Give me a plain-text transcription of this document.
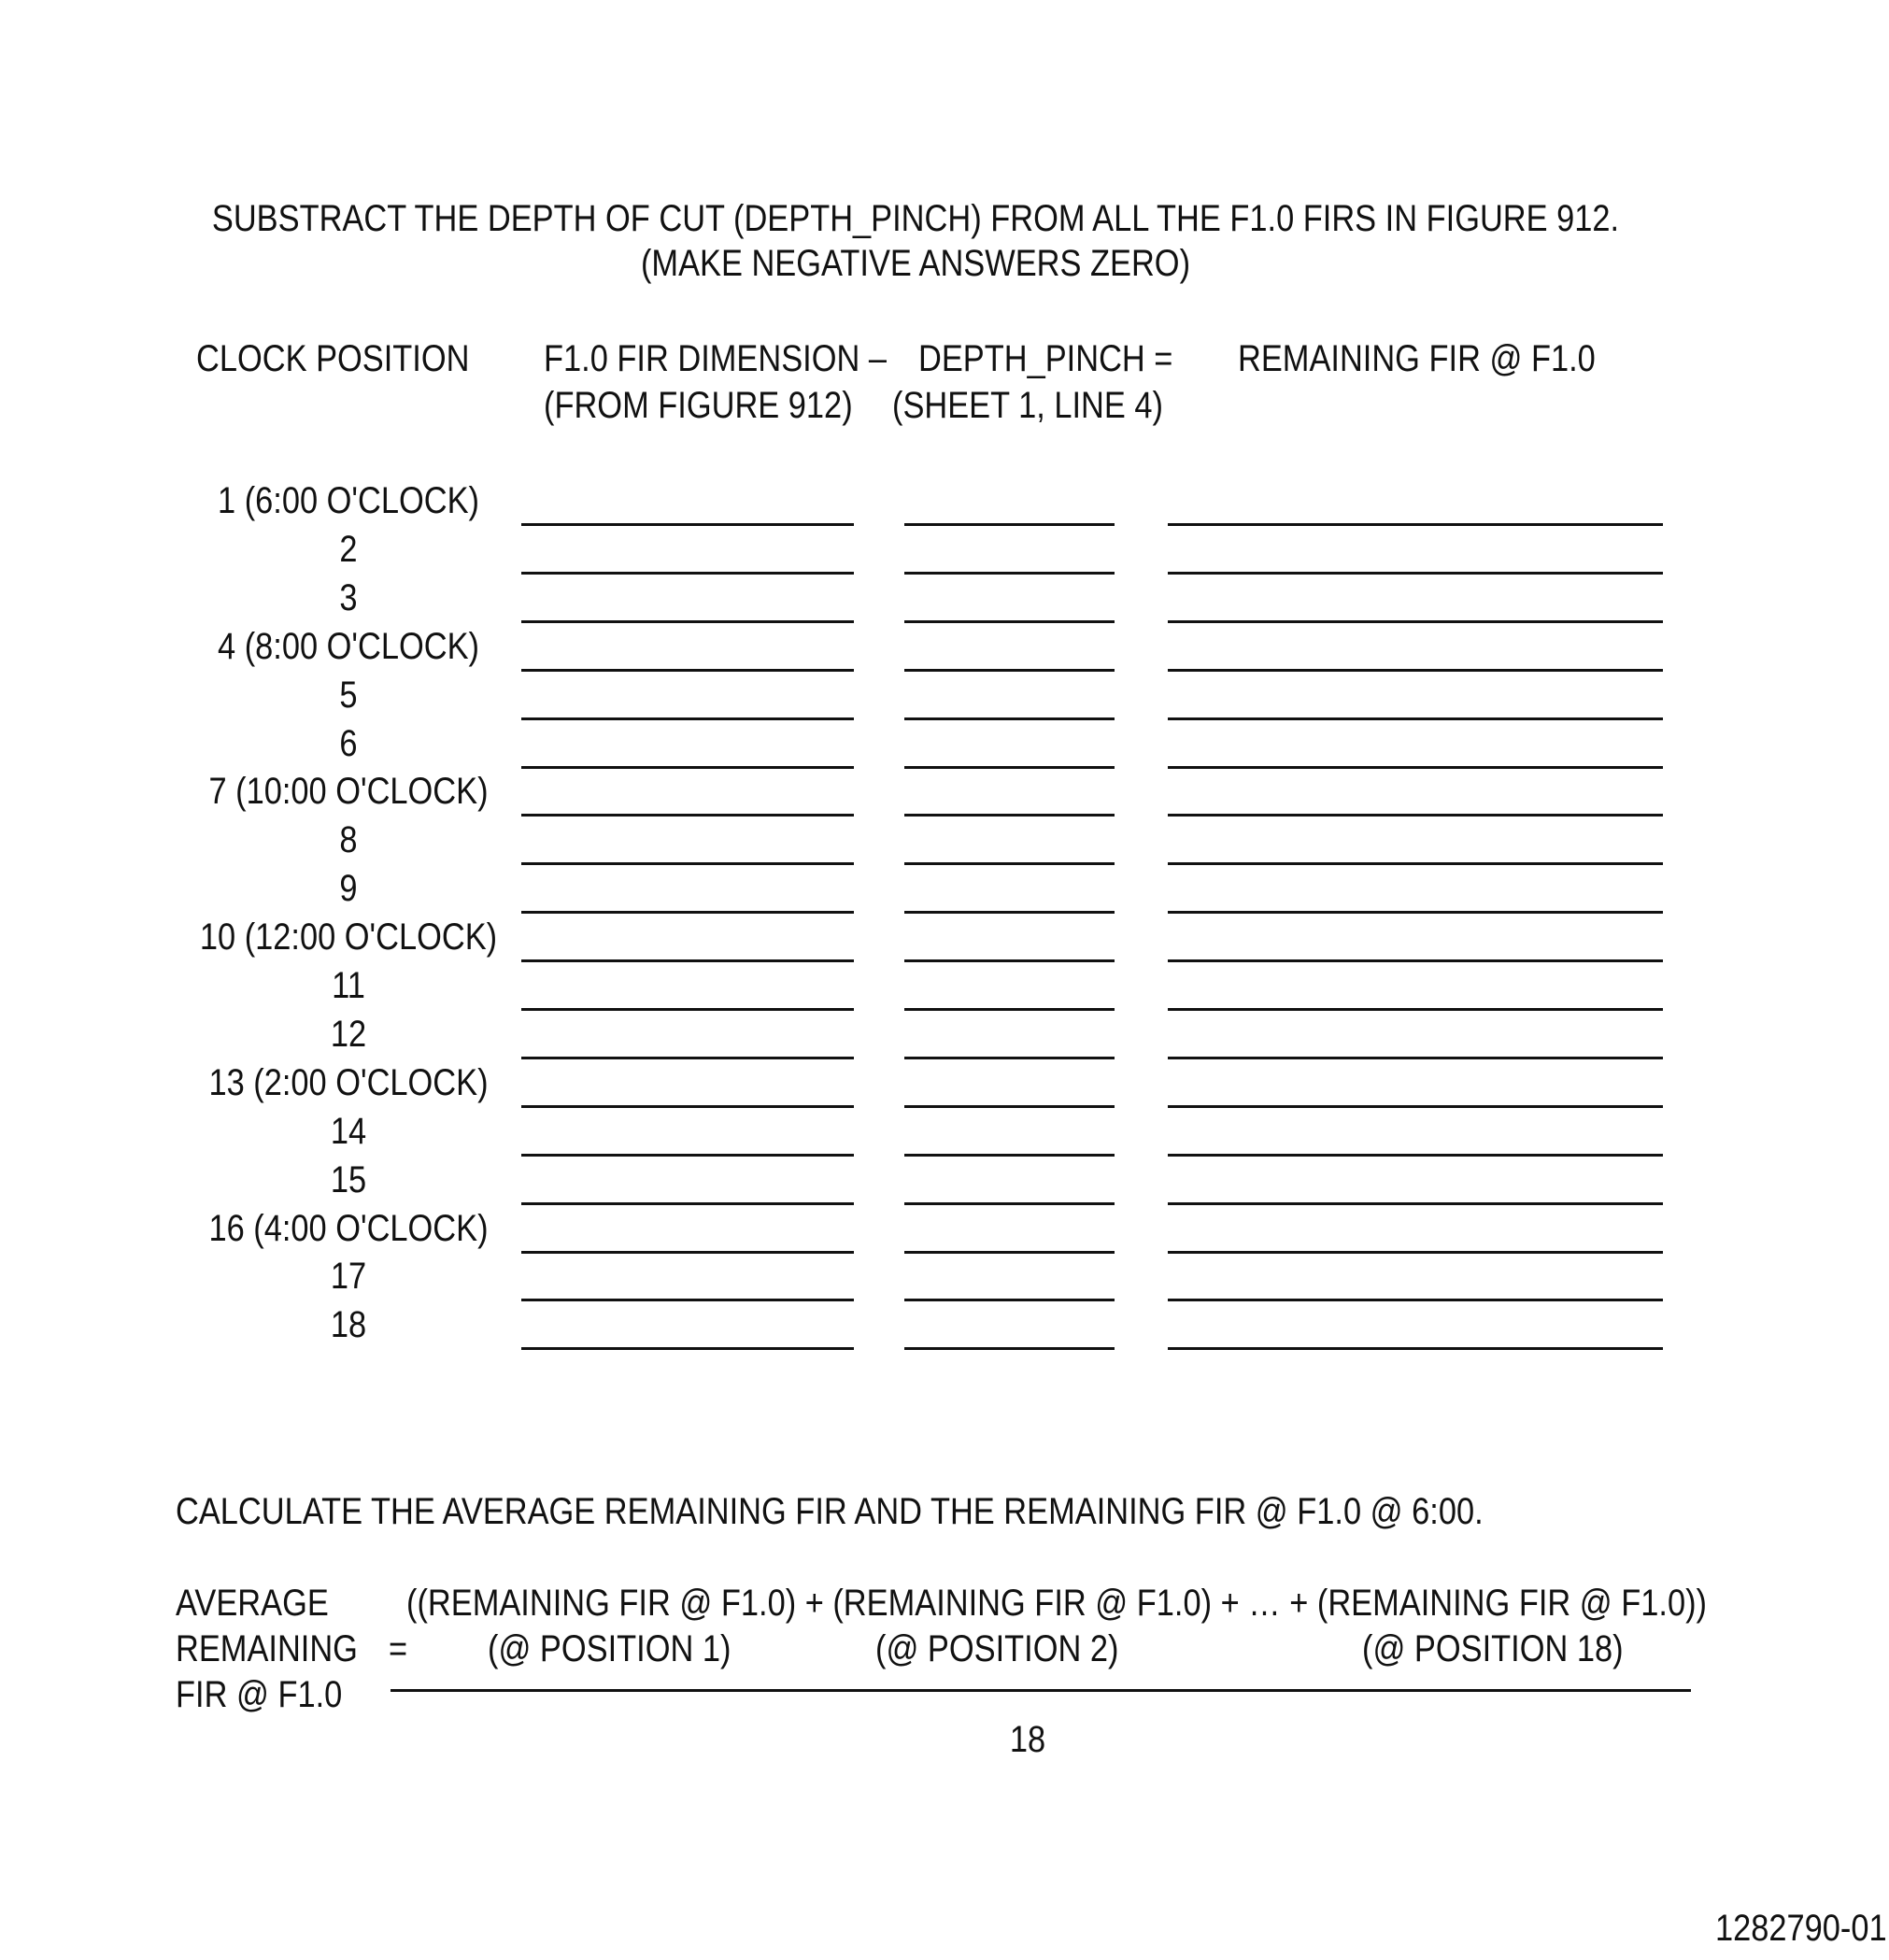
SUBSTRACT THE DEPTH OF CUT (DEPTH_PINCH) FROM ALL THE F1.0 FIRS IN FIGURE 912.
(MAKE NEGATIVE ANSWERS ZERO)
CLOCK POSITION F1.0 FIR DIMENSION –
(FROM FIGURE 912)
DEPTH_PINCH =
(SHEET 1, LINE 4)
REMAINING FIR @ F1.0
1 (6:00 O'CLOCK)
2
3
4 (8:00 O'CLOCK)
5
6
7 (10:00 O'CLOCK)
8
9
10 (12:00 O'CLOCK)
11
12
13 (2:00 O'CLOCK)
14
15
16 (4:00 O'CLOCK)
17
18
CALCULATE THE AVERAGE REMAINING FIR AND THE REMAINING FIR @ F1.0 @ 6:00.
AVERAGE
REMAINING
FIR @ F1.0
=
((REMAINING FIR @ F1.0) + (REMAINING FIR @ F1.0) + … + (REMAINING FIR @ F1.0))
(@ POSITION 1)	(@ POSITION 2)	(@ POSITION 18)
18
1282790-01
